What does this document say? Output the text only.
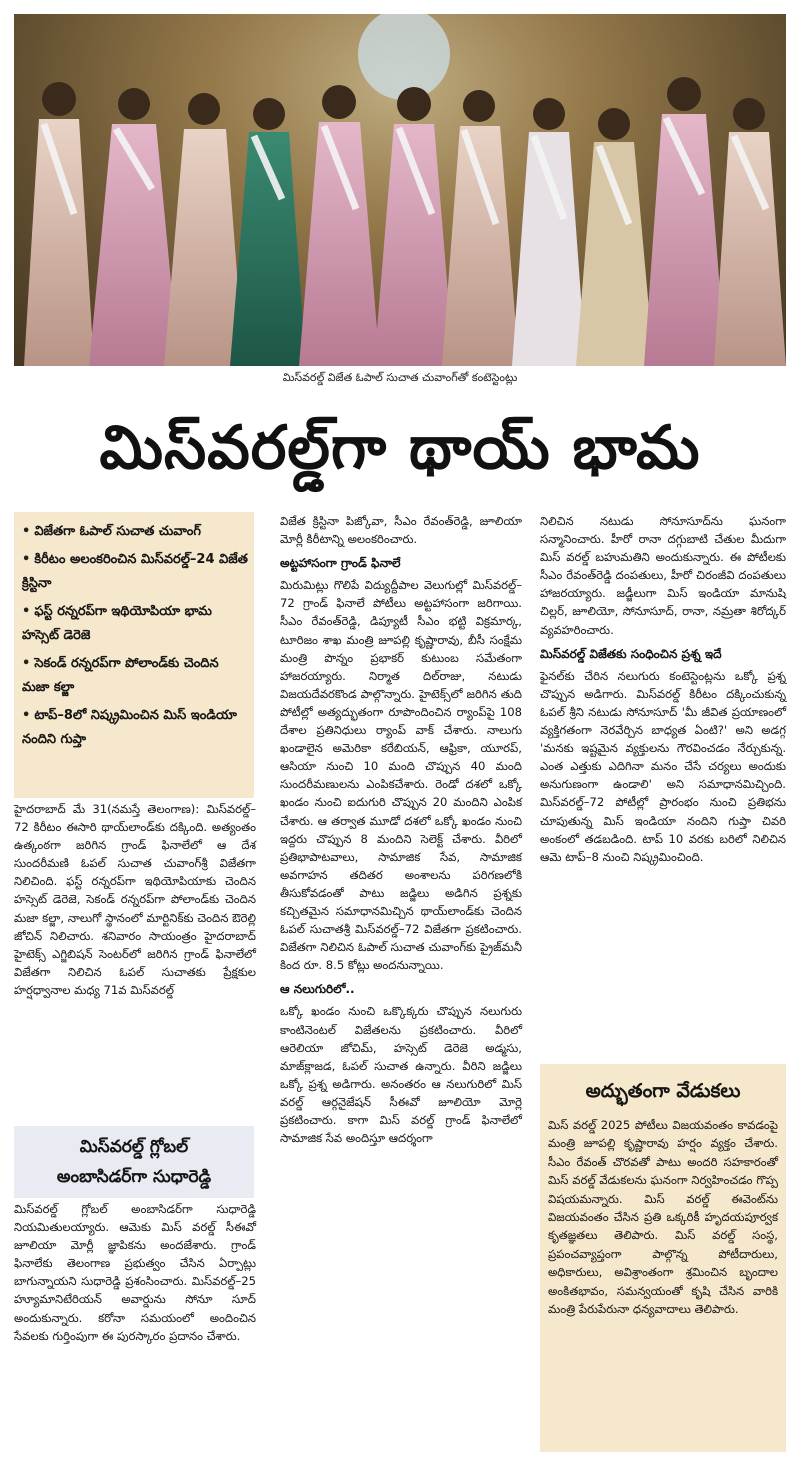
మిస్‌వరల్డ్ విజేత ఓపాల్ సుచాత చువాంగ్‌తో కంటెస్టెంట్లు
మిస్‌వరల్డ్‌గా థాయ్ భామ
• విజేతగా ఓపాల్ సుచాత చువాంగ్
• కిరీటం అలంకరించిన మిస్‌వరల్డ్–24 విజేత క్రిస్టినా
• ఫస్ట్ రన్నరప్‌గా ఇథియోపియా భామ హస్సెట్ డెరెజె
• సెకండ్ రన్నరప్‌గా పోలాండ్‌కు చెందిన మజా కల్జా
• టాప్–8లో నిష్క్రమించిన మిస్ ఇండియా నందిని గుప్తా

హైదరాబాద్ మే 31(నమస్తే తెలంగాణ): మిస్‌వరల్డ్–72 కిరీటం ఈసారి థాయ్‌లాండ్‌కు దక్కింది. అత్యంతం ఉత్కంఠగా జరిగిన గ్రాండ్ ఫినాలేలో ఆ దేశ సుందరీమణి ఓపల్ సుచాత చువాంగ్‌శ్రీ విజేతగా నిలిచింది. ఫస్ట్ రన్నరప్‌గా ఇథియోపియాకు చెందిన హస్సెట్ డెరెజె, సెకండ్ రన్నరప్‌గా పోలాండ్‌కు చెందిన మజా కల్జా, నాలుగో స్థానంలో మార్టినిక్‌కు చెందిన ఔరెల్లి జోచిన్ నిలిచారు. శనివారం సాయంత్రం హైదరాబాద్ హైటెక్స్ ఎగ్జిబిషన్ సెంటర్‌లో జరిగిన గ్రాండ్ ఫినాలేలో విజేతగా నిలిచిన ఓపల్ సుచాతకు ప్రేక్షకుల హర్షధ్వానాల మధ్య 71వ మిస్‌వరల్డ్

మిస్‌వరల్డ్ గ్లోబల్
అంబాసిడర్‌గా సుధారెడ్డి

మిస్‌వరల్డ్ గ్లోబల్ అంబాసిడర్‌గా సుధారెడ్డి నియమితులయ్యారు. ఆమెకు మిస్ వరల్డ్ సీఈవో జూలియా మోర్లీ జ్ఞాపికను అందజేశారు. గ్రాండ్ ఫినాలేకు తెలంగాణ ప్రభుత్వం చేసిన ఏర్పాట్లు బాగున్నాయని సుధారెడ్డి ప్రశంసించారు. మిస్‌వరల్డ్–25 హ్యూమానిటేరియన్ అవార్డును సోనూ సూద్ అందుకున్నారు. కరోనా సమయంలో అందించిన సేవలకు గుర్తింపుగా ఈ పురస్కారం ప్రదానం చేశారు.

విజేత క్రిస్టినా పిజ్కోవా, సీఎం రేవంత్‌రెడ్డి, జూలియా మోర్లీ కిరీటాన్ని అలంకరించారు.

అట్టహాసంగా గ్రాండ్ ఫినాలే

మిరుమిట్లు గొలిపే విద్యుద్దీపాల వెలుగుల్లో మిస్‌వరల్డ్–72 గ్రాండ్ ఫినాలే పోటీలు అట్టహాసంగా జరిగాయి. సీఎం రేవంత్‌రెడ్డి, డిప్యూటీ సీఎం భట్టి విక్రమార్క, టూరిజం శాఖ మంత్రి జూపల్లి కృష్ణారావు, బీసీ సంక్షేమ మంత్రి పొన్నం ప్రభాకర్ కుటుంబ సమేతంగా హాజరయ్యారు. నిర్మాత దిల్‌రాజు, నటుడు విజయదేవరకొండ పాల్గొన్నారు. హైటెక్స్‌లో జరిగిన తుది పోటీల్లో అత్యద్భుతంగా రూపొందించిన ర్యాంప్‌పై 108 దేశాల ప్రతినిధులు ర్యాంప్ వాక్ చేశారు. నాలుగు ఖండాలైన అమెరికా కరేబియన్, ఆఫ్రికా, యూరప్, ఆసియా నుంచి 10 మంది చొప్పున 40 మంది సుందరీమణులను ఎంపికచేశారు. రెండో దశలో ఒక్కో ఖండం నుంచి ఐదుగురి చొప్పున 20 మందిని ఎంపిక చేశారు. ఆ తర్వాత మూడో దశలో ఒక్కో ఖండం నుంచి ఇద్దరు చొప్పున 8 మందిని సెలెక్ట్ చేశారు. వీరిలో ప్రతిభాపాటవాలు, సామాజిక సేవ, సామాజిక అవగాహన తదితర అంశాలను పరిగణలోకి తీసుకోవడంతో పాటు జడ్జిలు అడిగిన ప్రశ్నకు కచ్చితమైన సమాధానమిచ్చిన థాయ్‌లాండ్‌కు చెందిన ఓపల్ సుచాతశ్రీ మిస్‌వరల్డ్–72 విజేతగా ప్రకటించారు. విజేతగా నిలిచిన ఓపాల్ సుచాత చువాంగ్‌కు ప్రైజ్‌మనీ కింద రూ. 8.5 కోట్లు అందనున్నాయి.

ఆ నలుగురిలో..

ఒక్కో ఖండం నుంచి ఒక్కొక్కరు చొప్పున నలుగురు కాంటినెంటల్ విజేతలను ప్రకటించారు. వీరిలో ఆరెలియా జోచిమ్, హస్సెట్ డెరెజె అడ్మసు, మాజ్‌క్లాజడ, ఓపల్ సుచాత ఉన్నారు. వీరిని జడ్జిలు ఒక్కో ప్రశ్న అడిగారు. అనంతరం ఆ నలుగురిలో మిస్ వరల్డ్ ఆర్గనైజేషన్ సీఈవో జూలియో మోర్లె ప్రకటించారు. కాగా మిస్ వరల్డ్ గ్రాండ్ ఫినాలేలో సామాజిక సేవ అందిస్తూ ఆదర్శంగా

నిలిచిన నటుడు సోనూసూద్‌ను ఘనంగా సన్మానించారు. హీరో రానా దగ్గుబాటి చేతుల మీదుగా మిస్ వరల్డ్ బహుమతిని అందుకున్నారు. ఈ పోటీలకు సీఎం రేవంత్‌రెడ్డి దంపతులు, హీరో చిరంజీవి దంపతులు హాజరయ్యారు. జడ్జీలుగా మిస్ ఇండియా మానుషి చిల్లర్, జూలియో, సోనూసూద్, రానా, నమ్రతా శిరోద్కర్ వ్యవహరించారు.

మిస్‌వరల్డ్ విజేతకు సంధించిన ప్రశ్న ఇదే

ఫైనల్‌కు చేరిన నలుగురు కంటెస్టెంట్లను ఒక్కో ప్రశ్న చొప్పున అడిగారు. మిస్‌వరల్డ్ కిరీటం దక్కించుకున్న ఓపల్ శ్రీని నటుడు సోనూసూద్ 'మీ జీవిత ప్రయాణంలో వ్యక్తిగతంగా నెరవేర్చిన బాధ్యత ఏంటి?' అని అడగ్గ 'మనకు ఇష్టమైన వ్యక్తులను గౌరవించడం నేర్చుకున్న. ఎంత ఎత్తుకు ఎదిగినా మనం చేసే చర్యలు అందుకు అనుగుణంగా ఉండాలి' అని సమాధానమిచ్చింది. మిస్‌వరల్డ్–72 పోటీల్లో ప్రారంభం నుంచి ప్రతిభను చూపుతున్న మిస్ ఇండియా నందిని గుప్తా చివరి అంకంలో తడబడింది. టాప్ 10 వరకు బరిలో నిలిచిన ఆమె టాప్–8 నుంచి నిష్క్రమించింది.

అద్భుతంగా వేడుకలు

మిస్ వరల్డ్ 2025 పోటీలు విజయవంతం కావడంపై మంత్రి జూపల్లి కృష్ణారావు హర్షం వ్యక్తం చేశారు. సీఎం రేవంత్ చొరవతో పాటు అందరి సహకారంతో మిస్ వరల్డ్ వేడుకలను ఘనంగా నిర్వహించడం గొప్ప విషయమన్నారు. మిస్ వరల్డ్ ఈవెంట్‌ను విజయవంతం చేసిన ప్రతి ఒక్కరికీ హృదయపూర్వక కృతజ్ఞతలు తెలిపారు. మిస్ వరల్డ్ సంస్థ, ప్రపంచవ్యాప్తంగా పాల్గొన్న పోటీదారులు, అధికారులు, అవిశ్రాంతంగా శ్రమించిన బృందాల అంకితభావం, సమన్వయంతో కృషి చేసిన వారికి మంత్రి పేరుపేరునా ధన్యవాదాలు తెలిపారు.
